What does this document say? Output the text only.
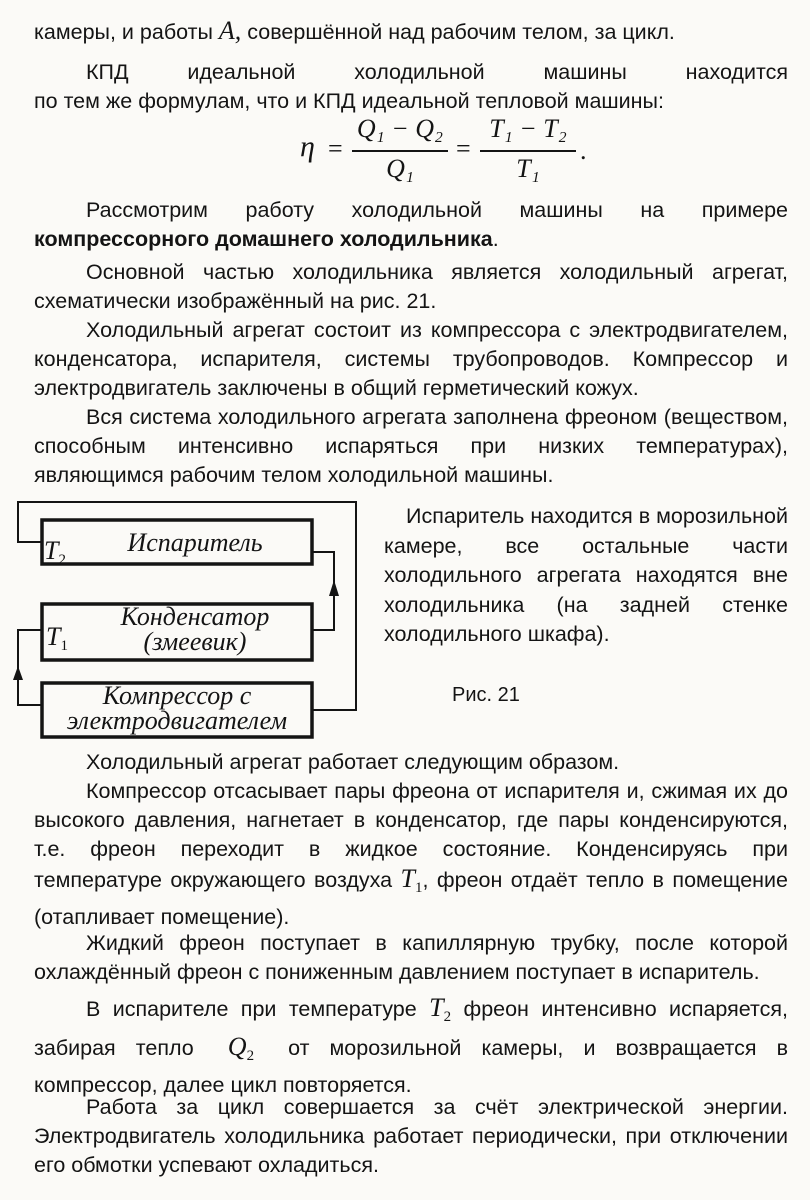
камеры, и работы A, совершённой над рабочим телом, за цикл.

КПД идеальной холодильной машины находится

по тем же формулам, что и КПД идеальной тепловой машины:

η =
Q₁ − Q₂
Q₁
=
T₁ − T₂
T₁
.

Рассмотрим работу холодильной машины на примере компрессорного домашнего холодильника.

Основной частью холодильника является холодильный агрегат, схематически изображённый на рис. 21.

Холодильный агрегат состоит из компрессора с электродвигателем, конденсатора, испарителя, системы трубопроводов. Компрессор и электродвигатель заключены в общий герметический кожух.

Вся система холодильного агрегата заполнена фреоном (веществом, способным интенсивно испаряться при низких температурах), являющимся рабочим телом холодильной машины.

$T_2$
Испаритель
$T_1$
Конденсатор
(змеевик)
Компрессор с
электродвигателем

Испаритель находится в морозильной камере, все остальные части холодильного агрегата находятся вне холодильника (на задней стенке холодильного шкафа).

Рис. 21

Холодильный агрегат работает следующим образом.

Компрессор отсасывает пары фреона от испарителя и, сжимая их до высокого давления, нагнетает в конденсатор, где пары конденсируются, т.е. фреон переходит в жидкое состояние. Конденсируясь при температуре окружающего воздуха $T_1$, фреон отдаёт тепло в помещение (отапливает помещение).

Жидкий фреон поступает в капиллярную трубку, после которой охлаждённый фреон с пониженным давлением поступает в испаритель.

В испарителе при температуре $T_2$ фреон интенсивно испаряется, забирая тепло $Q_2$ от морозильной камеры, и возвращается в компрессор, далее цикл повторяется.

Работа за цикл совершается за счёт электрической энергии. Электродвигатель холодильника работает периодически, при отключении его обмотки успевают охладиться.
